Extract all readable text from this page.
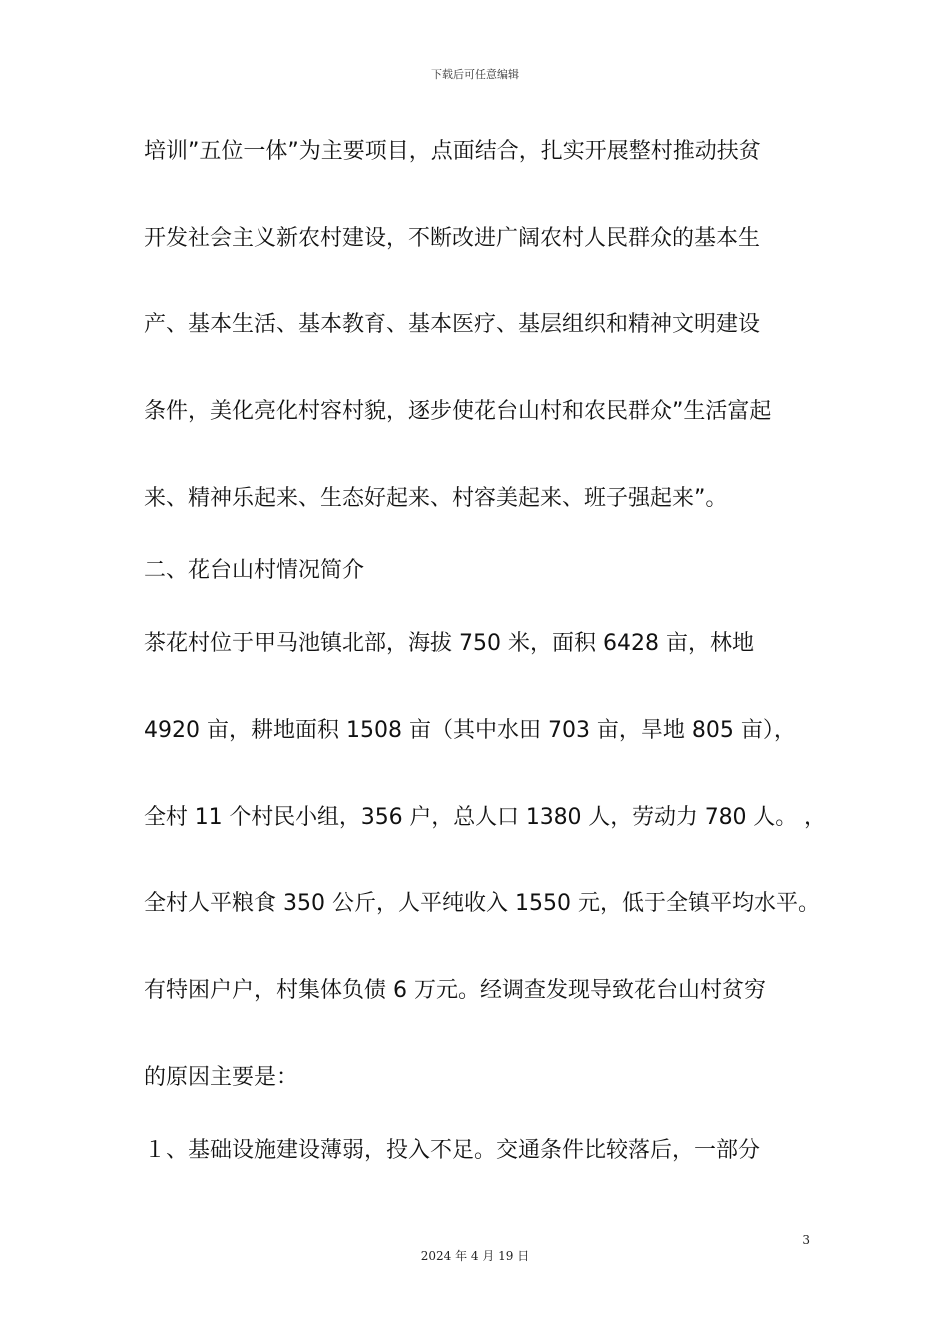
下载后可任意编辑
培训”五位一体”为主要项目，点面结合，扎实开展整村推动扶贫
开发社会主义新农村建设，不断改进广阔农村人民群众的基本生
产、基本生活、基本教育、基本医疗、基层组织和精神文明建设
条件，美化亮化村容村貌，逐步使花台山村和农民群众”生活富起
来、精神乐起来、生态好起来、村容美起来、班子强起来”。
二、花台山村情况简介
茶花村位于甲马池镇北部，海拔 750 米，面积 6428 亩，林地
4920 亩，耕地面积 1508 亩（其中水田 703 亩，旱地 805 亩），
全村 11 个村民小组，356 户，总人口 1380 人，劳动力 780 人。 ，
全村人平粮食 350 公斤，人平纯收入 1550 元，低于全镇平均水平。
有特困户户，村集体负债 6 万元。经调查发现导致花台山村贫穷
的原因主要是：
１、基础设施建设薄弱，投入不足。交通条件比较落后，一部分
3
2024 年 4 月 19 日
